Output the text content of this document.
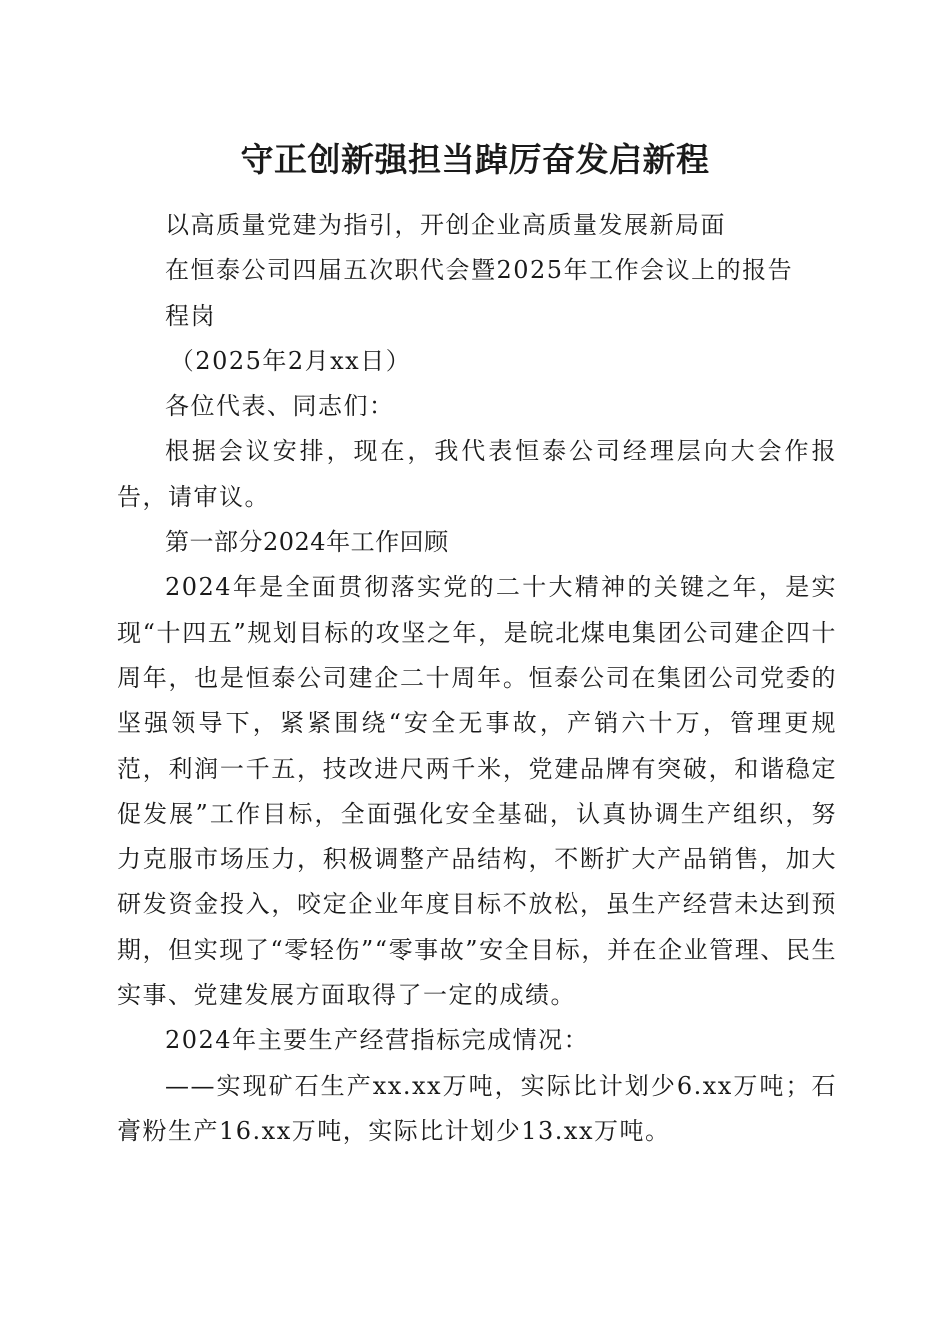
守正创新强担当踔厉奋发启新程

以高质量党建为指引，开创企业高质量发展新局面

在恒泰公司四届五次职代会暨2025年工作会议上的报告

程岗

（2025年2月xx日）

各位代表、同志们：

根据会议安排，现在，我代表恒泰公司经理层向大会作报告，请审议。

第一部分2024年工作回顾

2024年是全面贯彻落实党的二十大精神的关键之年，是实现“十四五”规划目标的攻坚之年，是皖北煤电集团公司建企四十周年，也是恒泰公司建企二十周年。恒泰公司在集团公司党委的坚强领导下，紧紧围绕“安全无事故，产销六十万，管理更规范，利润一千五，技改进尺两千米，党建品牌有突破，和谐稳定促发展”工作目标，全面强化安全基础，认真协调生产组织，努力克服市场压力，积极调整产品结构，不断扩大产品销售，加大研发资金投入，咬定企业年度目标不放松，虽生产经营未达到预期，但实现了“零轻伤”“零事故”安全目标，并在企业管理、民生实事、党建发展方面取得了一定的成绩。

2024年主要生产经营指标完成情况：

——实现矿石生产xx.xx万吨，实际比计划少6.xx万吨；石膏粉生产16.xx万吨，实际比计划少13.xx万吨。
